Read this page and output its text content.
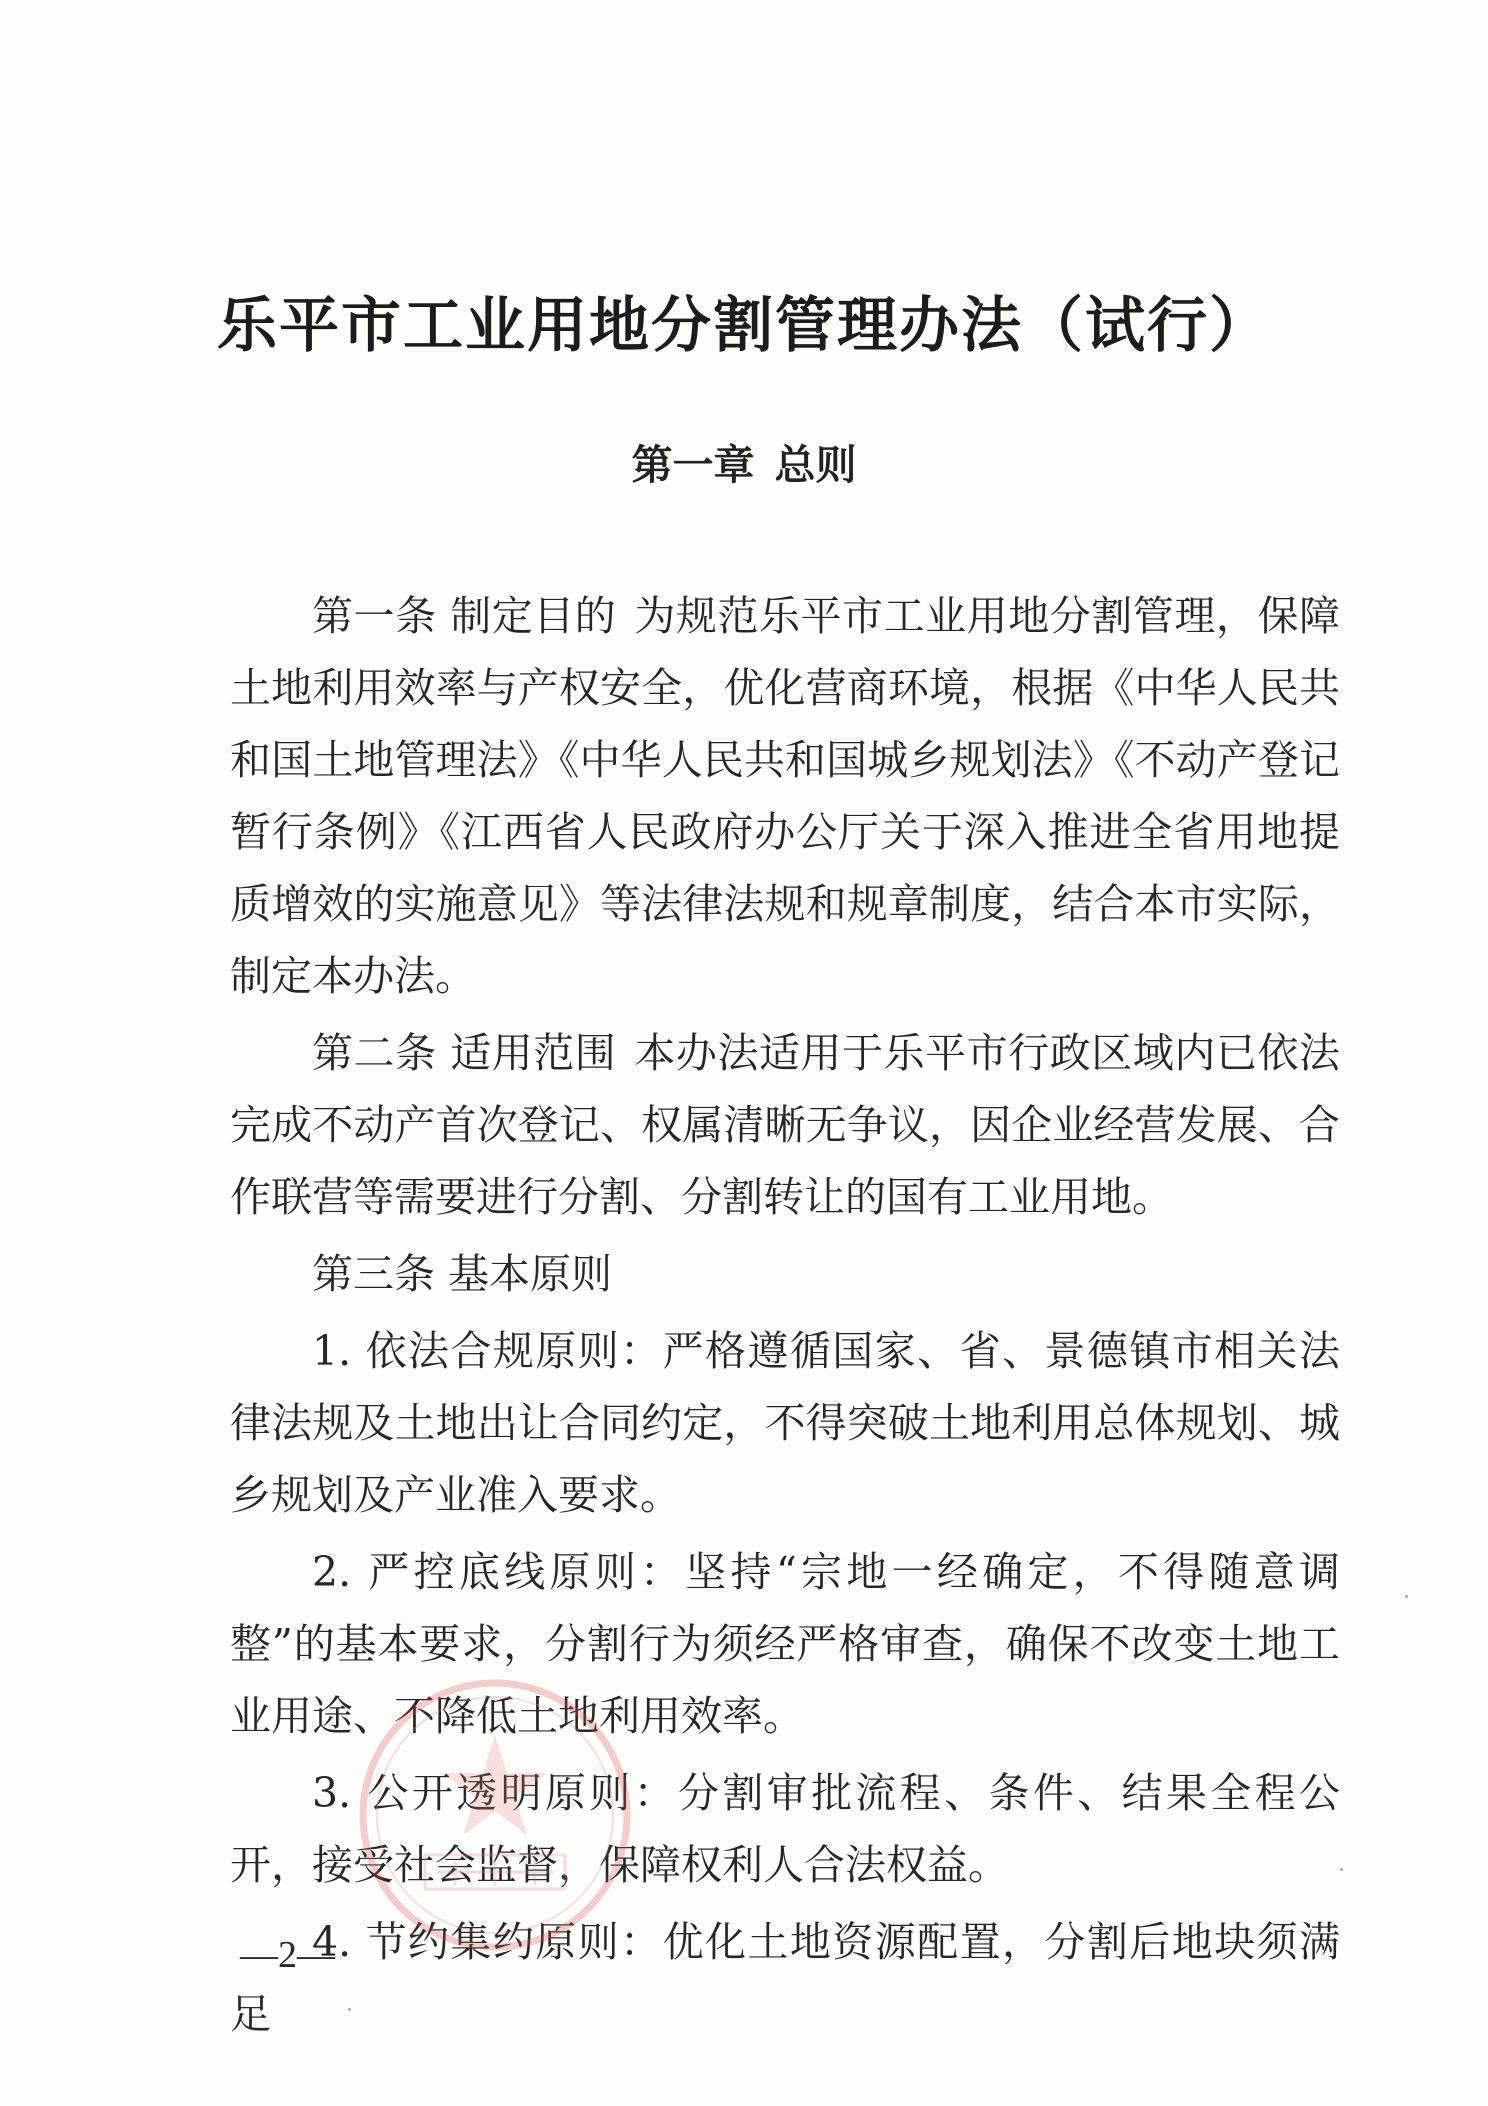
乐平市工业用地分割管理办法（试行）
第一章 总则

第一条 制定目的 为规范乐平市工业用地分割管理，保障土地利用效率与产权安全，优化营商环境，根据《中华人民共和国土地管理法》《中华人民共和国城乡规划法》《不动产登记暂行条例》《江西省人民政府办公厅关于深入推进全省用地提质增效的实施意见》等法律法规和规章制度，结合本市实际，制定本办法。

第二条 适用范围 本办法适用于乐平市行政区域内已依法完成不动产首次登记、权属清晰无争议，因企业经营发展、合作联营等需要进行分割、分割转让的国有工业用地。

第三条 基本原则

1. 依法合规原则：严格遵循国家、省、景德镇市相关法律法规及土地出让合同约定，不得突破土地利用总体规划、城乡规划及产业准入要求。

2. 严控底线原则：坚持“宗地一经确定，不得随意调整”的基本要求，分割行为须经严格审查，确保不改变土地工业用途、不降低土地利用效率。

3. 公开透明原则：分割审批流程、条件、结果全程公开，接受社会监督，保障权利人合法权益。

4. 节约集约原则：优化土地资源配置，分割后地块须满足

—2—
